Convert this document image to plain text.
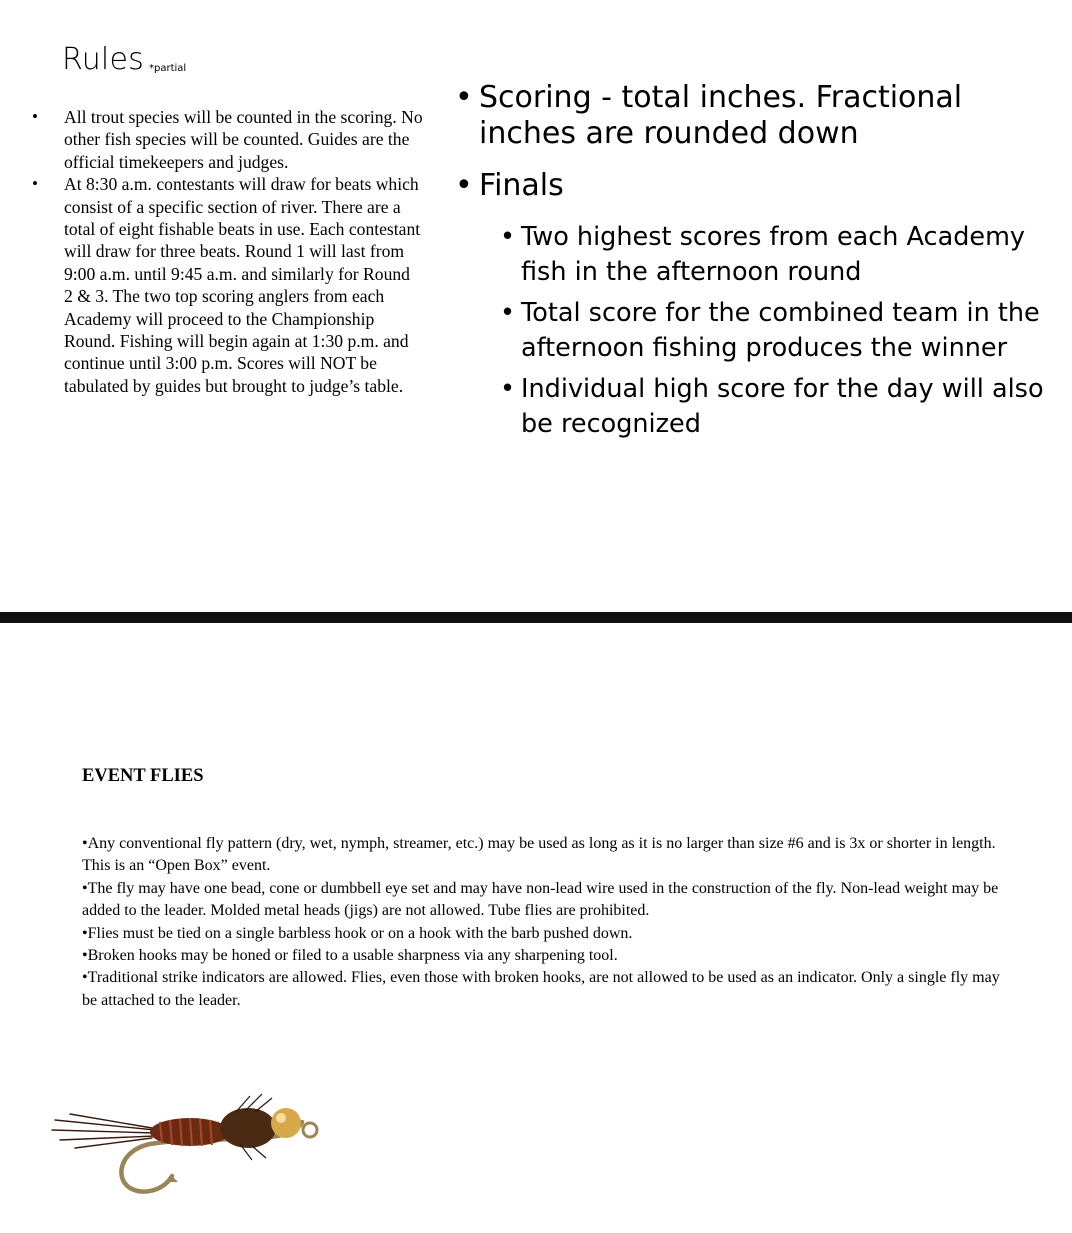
Rules *partial
• All trout species will be counted in the scoring. No other fish species will be counted. Guides are the official timekeepers and judges.
• At 8:30 a.m. contestants will draw for beats which consist of a specific section of river. There are a total of eight fishable beats in use. Each contestant will draw for three beats. Round 1 will last from 9:00 a.m. until 9:45 a.m. and similarly for Round 2 & 3. The two top scoring anglers from each Academy will proceed to the Championship Round. Fishing will begin again at 1:30 p.m. and continue until 3:00 p.m. Scores will NOT be tabulated by guides but brought to judge’s table.
• Scoring - total inches. Fractional inches are rounded down
• Finals
• Two highest scores from each Academy fish in the afternoon round
• Total score for the combined team in the afternoon fishing produces the winner
• Individual high score for the day will also be recognized
EVENT FLIES

•Any conventional fly pattern (dry, wet, nymph, streamer, etc.) may be used as long as it is no larger than size #6 and is 3x or shorter in length. This is an “Open Box” event.

•The fly may have one bead, cone or dumbbell eye set and may have non-lead wire used in the construction of the fly. Non-lead weight may be added to the leader. Molded metal heads (jigs) are not allowed. Tube flies are prohibited.

•Flies must be tied on a single barbless hook or on a hook with the barb pushed down.

•Broken hooks may be honed or filed to a usable sharpness via any sharpening tool.

•Traditional strike indicators are allowed. Flies, even those with broken hooks, are not allowed to be used as an indicator. Only a single fly may be attached to the leader.
